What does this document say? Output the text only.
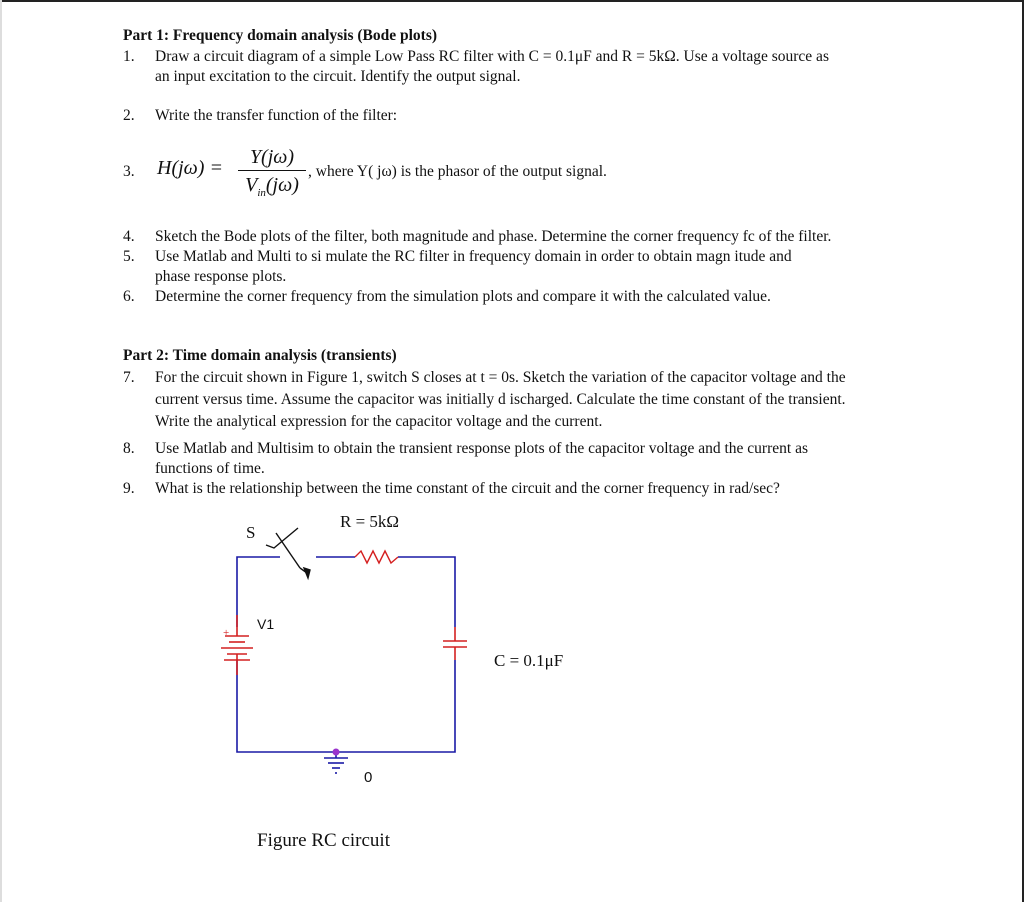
Part 1: Frequency domain analysis (Bode plots)
1. Draw a circuit diagram of a simple Low Pass RC filter with C = 0.1μF and R = 5kΩ. Use a voltage source as
an input excitation to the circuit. Identify the output signal.
2. Write the transfer function of the filter:
3. H(jω) =	Y(jω)
$V_{in}(j\omega)$
, where Y( jω) is the phasor of the output signal.
4. Sketch the Bode plots of the filter, both magnitude and phase. Determine the corner frequency fc of the filter.
5. Use Matlab and Multi to si mulate the RC filter in frequency domain in order to obtain magn itude and
phase response plots.
6. Determine the corner frequency from the simulation plots and compare it with the calculated value.
Part 2: Time domain analysis (transients)
7. For the circuit shown in Figure 1, switch S closes at t = 0s. Sketch the variation of the capacitor voltage and the
current versus time. Assume the capacitor was initially d ischarged. Calculate the time constant of the transient.
Write the analytical expression for the capacitor voltage and the current.
8. Use Matlab and Multisim to obtain the transient response plots of the capacitor voltage and the current as
functions of time.
9. What is the relationship between the time constant of the circuit and the corner frequency in rad/sec?
S
R = 5kΩ
+
V1
C = 0.1μF
0
Figure RC circuit
